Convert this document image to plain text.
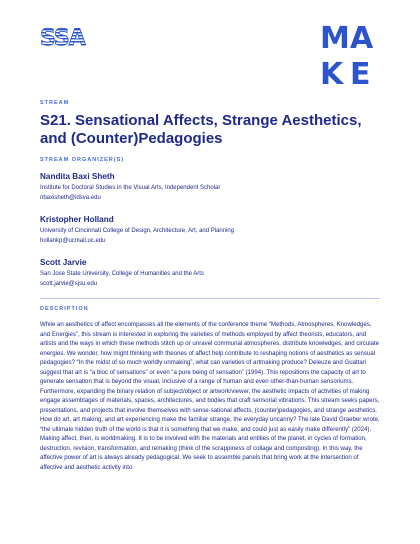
SSA	M A
K E
STREAM
S21. Sensational Affects, Strange Aesthetics, and (Counter)Pedagogies
STREAM ORGANIZER(S)
Nandita Baxi Sheth
Institute for Doctoral Studies in the Visual Arts, Independent Scholar
nbaxisheth@idsva.edu
Kristopher Holland
University of Cincinnati College of Design, Architecture, Art, and Planning
hollankp@ucmail.uc.edu
Scott Jarvie
San Jose State University, College of Humanities and the Arts
scott.jarvie@sjsu.edu
DESCRIPTION

While an aesthetics of affect encompasses all the elements of the conference theme “Methods, Atmospheres, Knowledges, and Energies”, this stream is interested in exploring the varieties of methods employed by affect theorists, educators, and artists and the ways in which these methods stitch up or unravel communal atmospheres, distribute knowledges, and circulate energies. We wonder, how might thinking with theories of affect help contribute to reshaping notions of aesthetics as sensual pedagogies? “In the midst of so much worldly unmaking”, what can varieties of artmaking produce? Deleuze and Guattari suggest that art is “a bloc of sensations” or even “a pure being of sensation” (1994). This repositions the capacity of art to generate sensation that is beyond the visual, inclusive of a range of human and even other-than-human sensoriums. Furthermore, expanding the binary relation of subject/object or artwork/viewer, the aesthetic impacts of activities of making engage assemblages of materials, spaces, architectures, and bodies that craft sensorial vibrations. This stream seeks papers, presentations, and projects that involve themselves with sense-sational affects, (counter)pedagogies, and strange aesthetics. How do art, art making, and art experiencing make the familiar strange, the everyday uncanny? The late David Graeber wrote, “the ultimate hidden truth of the world is that it is something that we make, and could just as easily make differently” (2024). Making affect, then, is worldmaking. It is to be involved with the materials and entities of the planet, in cycles of formation, destruction, revision, transformation, and remaking (think of the scrappiness of collage and composting). In this way, the affective power of art is always already pedagogical. We seek to assemble panels that bring work at the intersection of affective and aesthetic activity into
